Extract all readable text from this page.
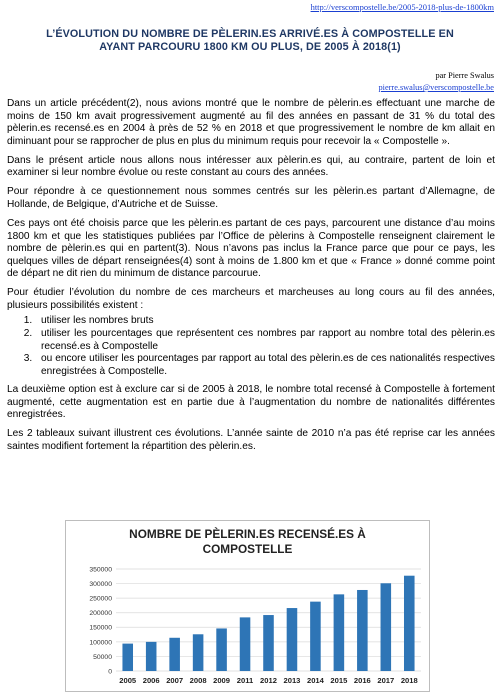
http://verscompostelle.be/2005-2018-plus-de-1800km
L’ÉVOLUTION DU NOMBRE DE PÈLERIN.ES ARRIVÉ.ES À COMPOSTELLE EN
AYANT PARCOURU 1800 KM OU PLUS, DE 2005 À 2018(1)
par Pierre Swalus
pierre.swalus@verscompostelle.be

Dans un article précédent(2), nous avions montré que le nombre de pèlerin.es effectuant une marche de moins de 150 km avait progressivement augmenté au fil des années en passant de 31 % du total des pèlerin.es recensé.es en 2004 à près de 52 % en 2018 et que progressivement le nombre de km allait en diminuant pour se rapprocher de plus en plus du minimum requis pour recevoir la « Compostelle ».

Dans le présent article nous allons nous intéresser aux pèlerin.es qui, au contraire, partent de loin et examiner si leur nombre évolue ou reste constant au cours des années.

Pour répondre à ce questionnement nous sommes centrés sur les pèlerin.es partant d’Allemagne, de Hollande, de Belgique, d’Autriche et de Suisse.

Ces pays ont été choisis parce que les pèlerin.es partant de ces pays, parcourent une distance d’au moins 1800 km et que les statistiques publiées par l’Office de pèlerins à Compostelle renseignent clairement le nombre de pèlerin.es qui en partent(3). Nous n’avons pas inclus la France parce que pour ce pays, les quelques villes de départ renseignées(4) sont à moins de 1.800 km et que « France » donné comme point de départ ne dit rien du minimum de distance parcourue.

Pour étudier l’évolution du nombre de ces marcheurs et marcheuses au long cours au fil des années, plusieurs possibilités existent :

1. utiliser les nombres bruts
2. utiliser les pourcentages que représentent ces nombres par rapport au nombre total des pèlerin.es recensé.es à Compostelle
3. ou encore utiliser les pourcentages par rapport au total des pèlerin.es de ces nationalités respectives enregistrées à Compostelle.

La deuxième option est à exclure car si de 2005 à 2018, le nombre total recensé à Compostelle à fortement augmenté, cette augmentation est en partie due à l’augmentation du nombre de nationalités différentes enregistrées.

Les 2 tableaux suivant illustrent ces évolutions. L’année sainte de 2010 n’a pas été reprise car les années saintes modifient fortement la répartition des pèlerin.es.

NOMBRE DE PÈLERIN.ES RECENSÉ.ES À
COMPOSTELLE
0
50000
100000
150000
200000
250000
300000
350000
2005 2006 2007 2008 2009 2011 2012 2013 2014 2015 2016 2017 2018
